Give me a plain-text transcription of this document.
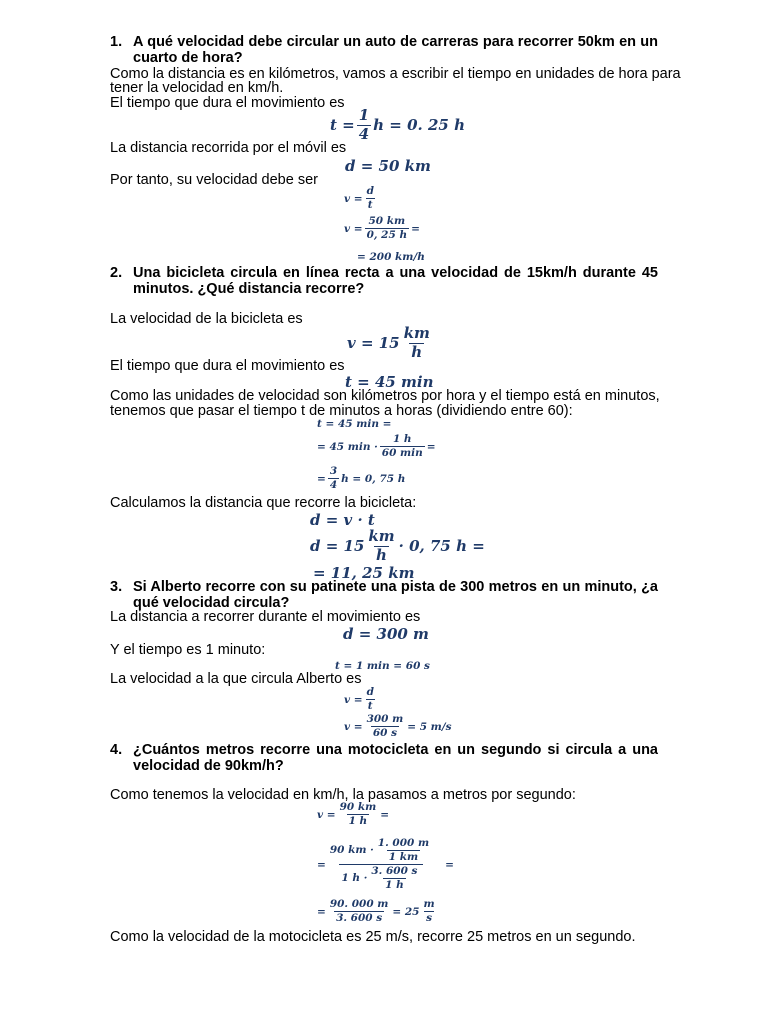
1. A qué velocidad debe circular un auto de carreras para recorrer 50km en un cuarto de hora?
Como la distancia es en kilómetros, vamos a escribir el tiempo en unidades de hora para
tener la velocidad en km/h.
El tiempo que dura el movimiento es
$t = \frac{1}{4}$ h = 0. 25 h
La distancia recorrida por el móvil es
d = 50 km
Por tanto, su velocidad debe ser
$v = \frac{d}{t}$
$v = \frac{50 km}{0, 25 h}$ =
= 200 km/h
2. Una bicicleta circula en línea recta a una velocidad de 15km/h durante 45 minutos. ¿Qué distancia recorre?
La velocidad de la bicicleta es
$v = 15 \frac{km}{h}$
El tiempo que dura el movimiento es
t = 45 min
Como las unidades de velocidad son kilómetros por hora y el tiempo está en minutos,
tenemos que pasar el tiempo t de minutos a horas (dividiendo entre 60):
t = 45 min =
= 45 $\min \cdot \frac{1 h}{60 \min}$ =
= $\frac{3}{4}$ h = 0, 75 h
Calculamos la distancia que recorre la bicicleta:
d = v · t
$d = 15 \frac{km}{h} \cdot 0$, 75 h =
= 11, 25 km
3. Si Alberto recorre con su patinete una pista de 300 metros en un minuto, ¿a qué velocidad circula?
La distancia a recorrer durante el movimiento es
d = 300 m
Y el tiempo es 1 minuto:
t = 1 min = 60 s
La velocidad a la que circula Alberto es
$v = \frac{d}{t}$
$v = \frac{300 m}{60 s} = 5$ m/s
4. ¿Cuántos metros recorre una motocicleta en un segundo si circula a una velocidad de 90km/h?
Como tenemos la velocidad en km/h, la pasamos a metros por segundo:
$v = \frac{90 km}{1 h}$ =
= $\frac{90 km \cdot \frac{1. 000 m}{1 km}}{1 h \cdot \frac{3. 600 s}{1 h}}$ =
= $\frac{90. 000 m}{3. 600 s} = 25 \frac{m}{s}$
Como la velocidad de la motocicleta es 25 m/s, recorre 25 metros en un segundo.
